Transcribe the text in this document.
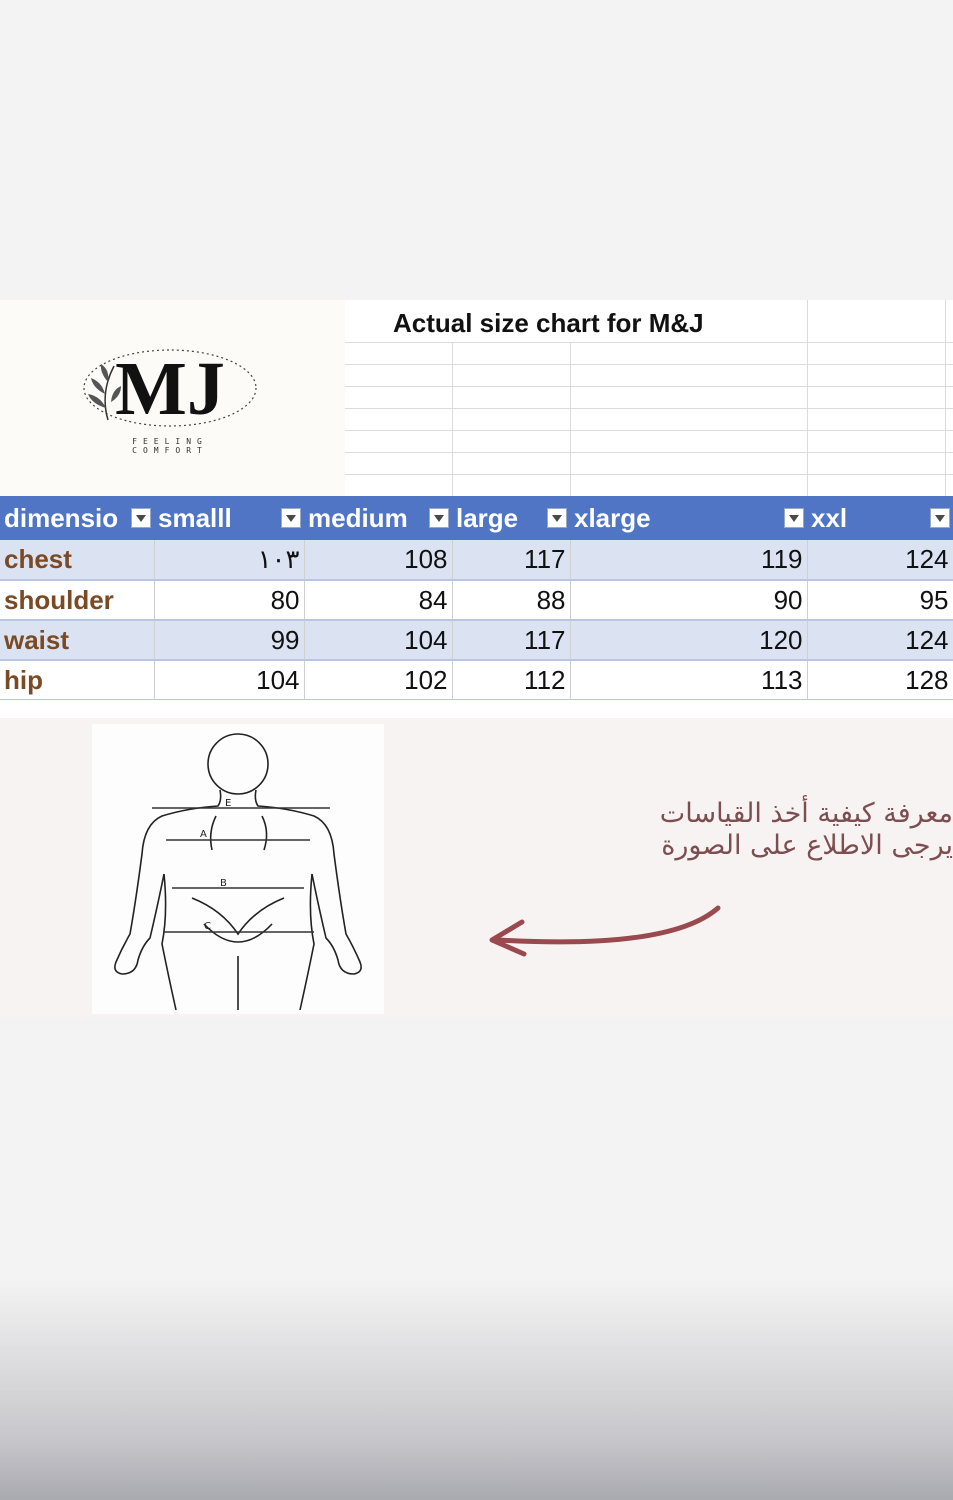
MJ
FEELING
COMFORT
Actual size chart for M&J
dimensio	smalll	medium	large	xlarge	xxl

chest	١٠٣	108	117	119	124
shoulder	80	84	88	90	95
waist	99	104	117	120	124
hip	104	102	112	113	128
E
A
B
C
معرفة كيفية أخذ القياسات
يرجى الاطلاع على الصورة
